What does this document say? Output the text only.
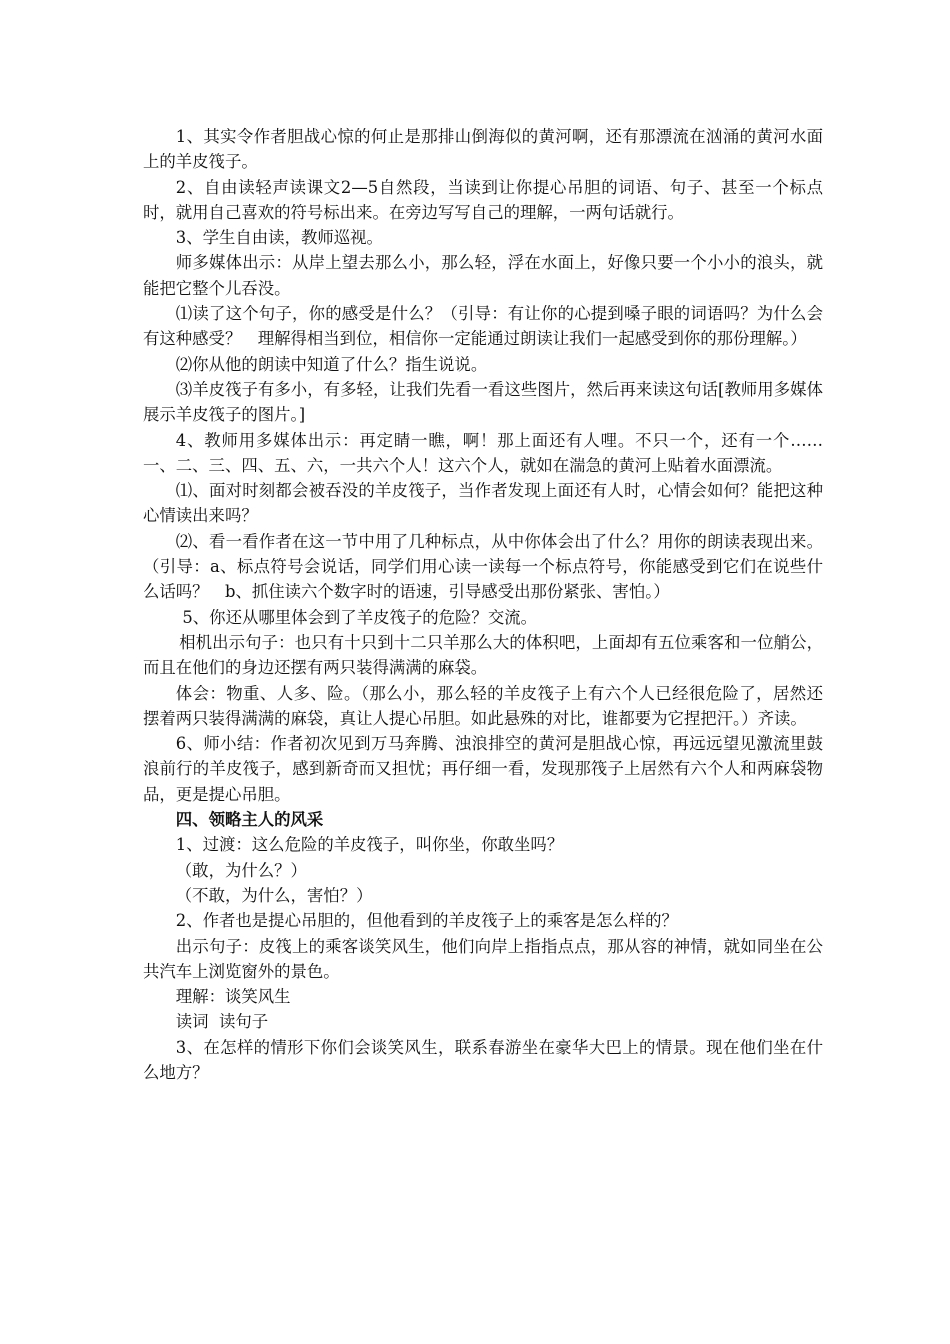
1、其实令作者胆战心惊的何止是那排山倒海似的黄河啊，还有那漂流在汹涌的黄河水面上的羊皮筏子。

2、自由读轻声读课文2—5自然段，当读到让你提心吊胆的词语、句子、甚至一个标点时，就用自己喜欢的符号标出来。在旁边写写自己的理解，一两句话就行。

3、学生自由读，教师巡视。

师多媒体出示：从岸上望去那么小，那么轻，浮在水面上，好像只要一个小小的浪头，就能把它整个儿吞没。

⑴读了这个句子，你的感受是什么？（引导：有让你的心提到嗓子眼的词语吗？为什么会有这种感受？　理解得相当到位，相信你一定能通过朗读让我们一起感受到你的那份理解。）

⑵你从他的朗读中知道了什么？指生说说。

⑶羊皮筏子有多小，有多轻，让我们先看一看这些图片，然后再来读这句话[教师用多媒体展示羊皮筏子的图片。]

4、教师用多媒体出示：再定睛一瞧，啊！那上面还有人哩。不只一个，还有一个……一、二、三、四、五、六，一共六个人！这六个人，就如在湍急的黄河上贴着水面漂流。

⑴、面对时刻都会被吞没的羊皮筏子，当作者发现上面还有人时，心情会如何？能把这种心情读出来吗？

⑵、看一看作者在这一节中用了几种标点，从中你体会出了什么？用你的朗读表现出来。（引导：a、标点符号会说话，同学们用心读一读每一个标点符号，你能感受到它们在说些什么话吗？　b、抓住读六个数字时的语速，引导感受出那份紧张、害怕。）

5、你还从哪里体会到了羊皮筏子的危险？交流。

相机出示句子：也只有十只到十二只羊那么大的体积吧，上面却有五位乘客和一位艄公，而且在他们的身边还摆有两只装得满满的麻袋。

体会：物重、人多、险。（那么小，那么轻的羊皮筏子上有六个人已经很危险了，居然还摆着两只装得满满的麻袋，真让人提心吊胆。如此悬殊的对比，谁都要为它捏把汗。）齐读。

6、师小结：作者初次见到万马奔腾、浊浪排空的黄河是胆战心惊，再远远望见激流里鼓浪前行的羊皮筏子，感到新奇而又担忧；再仔细一看，发现那筏子上居然有六个人和两麻袋物品，更是提心吊胆。

四、领略主人的风采

1、过渡：这么危险的羊皮筏子，叫你坐，你敢坐吗？

（敢，为什么？）

（不敢，为什么，害怕？）

2、作者也是提心吊胆的，但他看到的羊皮筏子上的乘客是怎么样的？

出示句子：皮筏上的乘客谈笑风生，他们向岸上指指点点，那从容的神情，就如同坐在公共汽车上浏览窗外的景色。

理解：谈笑风生

读词  读句子

3、在怎样的情形下你们会谈笑风生，联系春游坐在豪华大巴上的情景。现在他们坐在什么地方？
